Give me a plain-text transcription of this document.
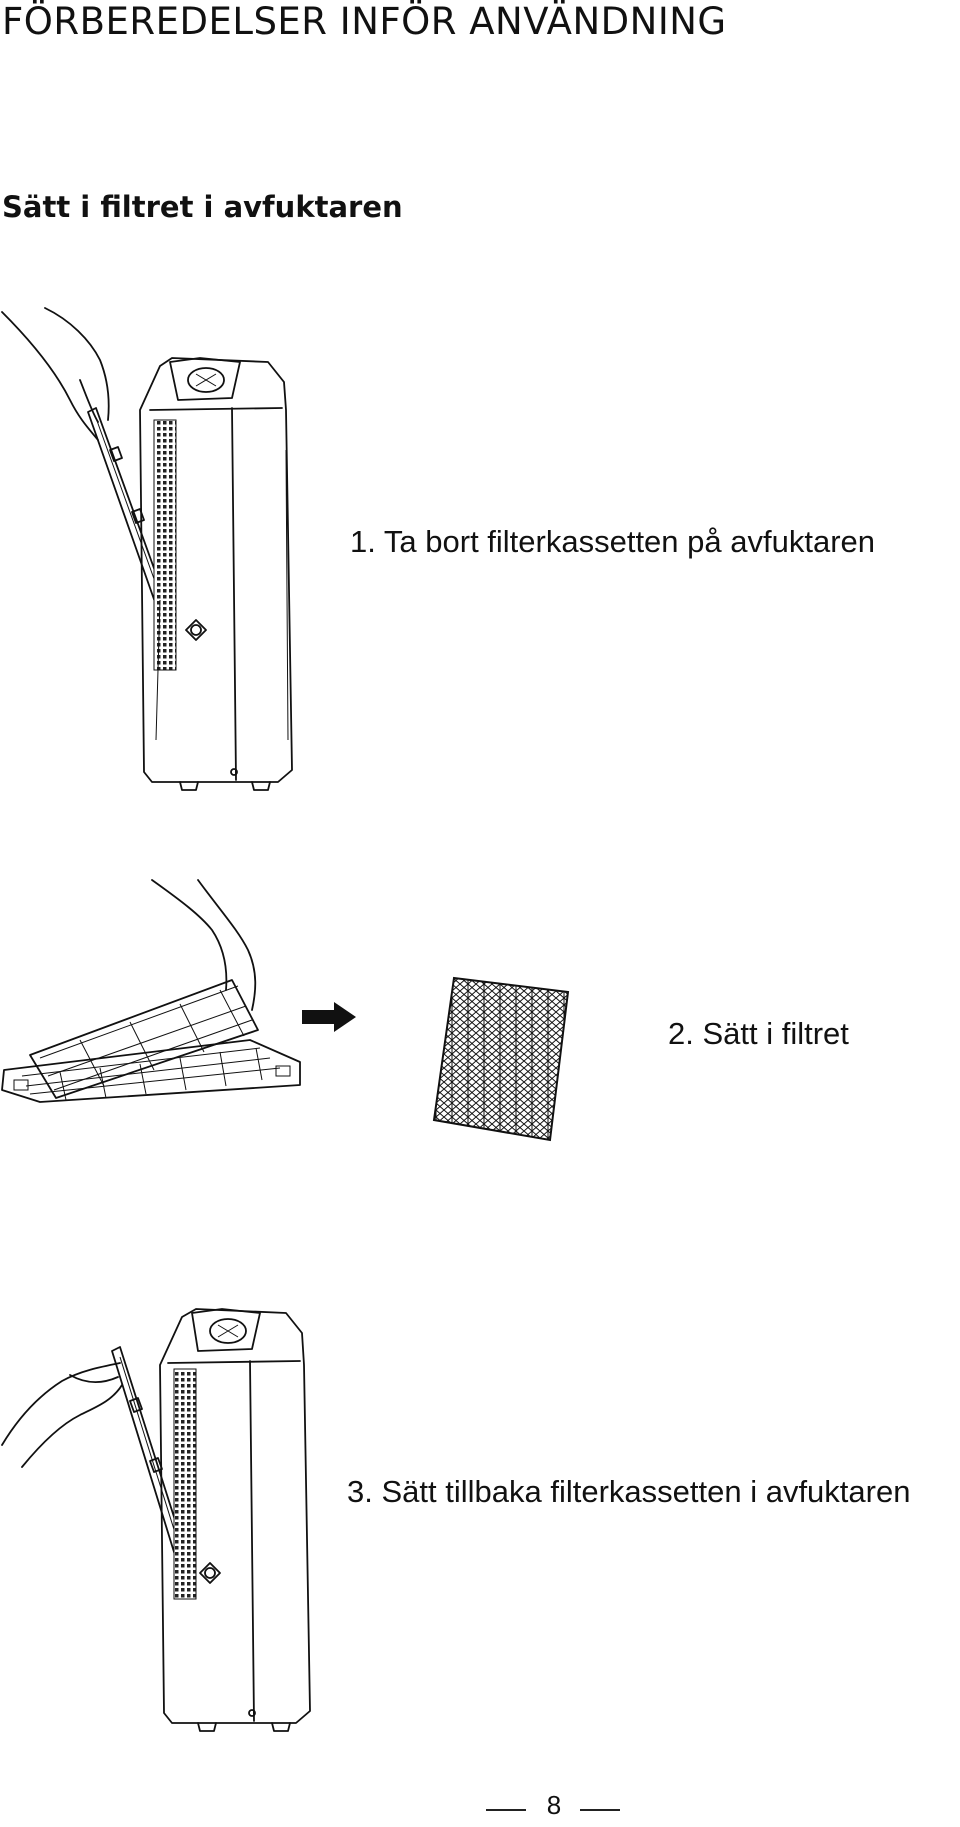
FÖRBEREDELSER INFÖR ANVÄNDNING
Sätt i filtret i avfuktaren
1. Ta bort filterkassetten på avfuktaren
2. Sätt i filtret
3. Sätt tillbaka filterkassetten i avfuktaren
8
